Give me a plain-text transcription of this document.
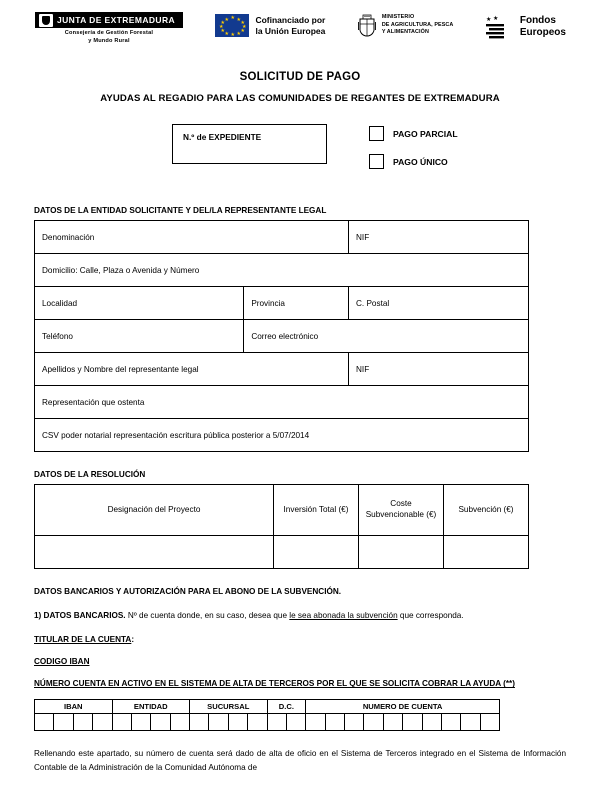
JUNTA DE EXTREMADURA
Consejería de Gestión Forestal
y Mundo Rural
★ ★
★
★
★
★
★
★
★
★
★
★	Cofinanciado por
la Unión Europea
MINISTERIO
DE AGRICULTURA, PESCA
Y ALIMENTACIÓN
★ ★ Fondos
Europeos
SOLICITUD DE PAGO
AYUDAS AL REGADIO PARA LAS COMUNIDADES DE REGANTES DE EXTREMADURA
N.º de EXPEDIENTE	PAGO PARCIAL
PAGO ÚNICO
DATOS DE LA ENTIDAD SOLICITANTE Y DEL/LA REPRESENTANTE LEGAL
Denominación		NIF
Domicilio: Calle, Plaza o Avenida y Número		
Localidad	Provincia	C. Postal
Teléfono	Correo electrónico	
Apellidos y Nombre del representante legal		NIF
Representación que ostenta		
CSV poder notarial representación escritura pública posterior a 5/07/2014		
DATOS DE LA RESOLUCIÓN
Designación del Proyecto	Inversión Total (€)	Coste Subvencionable (€)	Subvención (€)

DATOS BANCARIOS Y AUTORIZACIÓN PARA EL ABONO DE LA SUBVENCIÓN.
1) DATOS BANCARIOS. Nº de cuenta donde, en su caso, desea que le sea abonada la subvención que corresponda.
TITULAR DE LA CUENTA:
CODIGO IBAN
NÚMERO CUENTA EN ACTIVO EN EL SISTEMA DE ALTA DE TERCEROS POR EL QUE SE SOLICITA COBRAR LA AYUDA (**)
IBAN				ENTIDAD				SUCURSAL				D.C.		NUMERO DE CUENTA									

Rellenando este apartado, su número de cuenta será dado de alta de oficio en el Sistema de Terceros integrado en el Sistema de Información Contable de la Administración de la Comunidad Autónoma de
